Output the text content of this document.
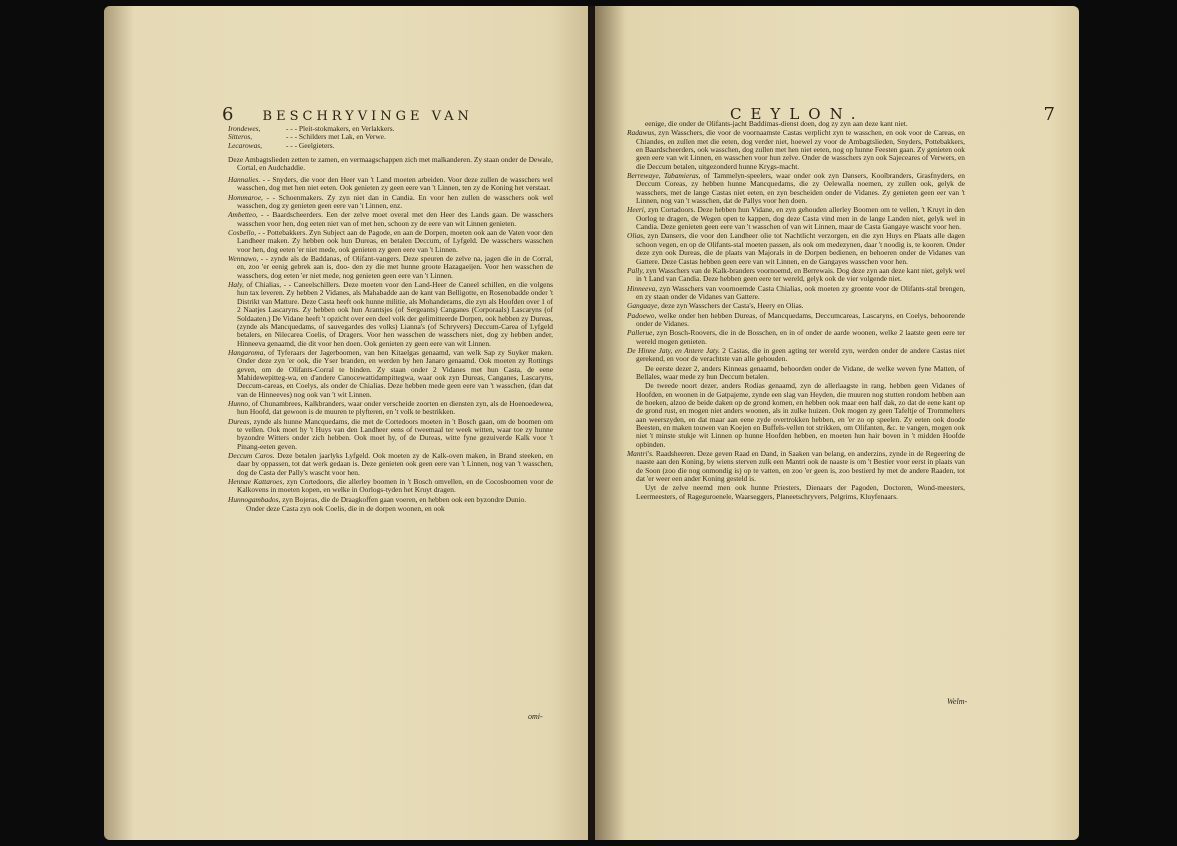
6 BESCHRYVINGE VAN
Irondewes,	- - - Pleit-stokmakers, en Verlakkers.
Sitteros,	- - - Schilders met Lak, en Verwe.
Lecarowas,	- - - Geelgieters.
Deze Ambagtslieden zetten te zamen, en vermaagschappen zich met malkanderen. Zy staan onder de Dewale, Cortal, en Audchaddie.
Hannalies. - - Snyders, die voor den Heer van 't Land moeten arbeiden. Voor deze zullen de wasschers wel wasschen, dog met hen niet eeten. Ook genieten zy geen eere van 't Linnen, ten zy de Koning het verstaat.
Hommaroe, - - Schoenmakers. Zy zyn niet dan in Candia. En voor hen zullen de wasschers ook wel wasschen, dog zy genieten geen eere van 't Linnen, enz.
Ambetteo, - - Baardscheerders. Een der zelve moet overal met den Heer des Lands gaan. De wasschers wasschen voor hen, dog eeten niet van of met hen, schoon zy de eere van wit Linnen genieten.
Cosbello, - - Pottebakkers. Zyn Subject aan de Pagode, en aan de Dorpen, moeten ook aan de Vaten voor den Landheer maken. Zy hebben ook hun Dureas, en betalen Deccum, of Lyfgeld. De wasschers wasschen voor hen, dog eeten 'er niet mede, ook genieten zy geen eere van 't Linnen.
Wennawo, - - zynde als de Baddanas, of Olifant-vangers. Deze speuren de zelve na, jagen die in de Corral, en, zoo 'er eenig gebrek aan is, doo- den zy die met hunne groote Hazagaeijen. Voor hen wasschen de wasschers, dog eeten 'er niet mede, nog genieten geen eere van 't Linnen.
Haly, of Chialias, - - Caneelschillers. Deze moeten voor den Land-Heer de Caneel schillen, en die volgens hun tax leveren. Zy hebben 2 Vidanes, als Mahabadde aan de kant van Belligotte, en Rosenobadde onder 't Distrikt van Matture. Deze Casta heeft ook hunne militie, als Mohanderams, die zyn als Hoofden over 1 of 2 Naatjes Lascaryns. Zy hebben ook hun Arantsjes (of Sergeants) Canganes (Corporaals) Lascaryns (of Soldaaten.) De Vidane heeft 't opzicht over een deel volk der gelimitteerde Dorpen, ook hebben zy Dureas, (zynde als Mancquedams, of sauvegardes des volks) Lianna's (of Schryvers) Deccum-Carea of Lyfgeld betalers, en Nilecarea Coelis, of Dragers. Voor hen wasschen de wasschers niet, dog zy hebben ander, Hinneeva genaamd, die dit voor hen doen. Ook genieten zy geen eere van wit Linnen.
Hangaroma, of Tyferaars der Jagerboomen, van hen Kitaelgas genaamd, van welk Sap zy Suyker maken. Onder deze zyn 'er ook, die Yser branden, en werden by hen Janaro genaamd. Ook moeten zy Rottings geven, om de Olifants-Corral te binden. Zy staan onder 2 Vidanes met hun Casta, de eene Mahidewepitteg-wa, en d'andere Canocewattidampittegwa, waar ook zyn Dureas, Canganes, Lascaryns, Deccum-careas, en Coelys, als onder de Chialias. Deze hebben mede geen eere van 't wasschen, (dan dat van de Hinneeves) nog ook van 't wit Linnen.
Hunno, of Chunambrees, Kalkbranders, waar onder verscheide zoorten en diensten zyn, als de Hoenoedewea, hun Hoofd, dat gewoon is de muuren te plyfteren, en 't volk te bestrikken.
Dureas, zynde als hunne Mancquedams, die met de Cortedoors moeten in 't Bosch gaan, om de boomen om te vellen. Ook moet hy 't Huys van den Landheer eens of tweemaal ter week witten, waar toe zy hunne byzondre Witters onder zich hebben. Ook moet hy, of de Dureas, witte fyne gezuiverde Kalk voor 't Pinang-eeten geven.
Deccum Caros. Deze betalen jaarlyks Lyfgeld. Ook moeten zy de Kalk-oven maken, in Brand steeken, en daar by oppassen, tot dat werk gedaan is. Deze genieten ook geen eere van 't Linnen, nog van 't wasschen, dog de Casta der Pally's wascht voor hen.
Hennae Kattaroes, zyn Cortedoors, die allerley boomen in 't Bosch omvellen, en de Cocosboomen voor de Kalkovens in moeten kopen, en welke in Oorlogs-tyden het Kruyt dragen.
Hunnogambados, zyn Bojeras, die de Draagkoffen gaan voeren, en hebben ook een byzondre Dunio.
Onder deze Casta zyn ook Coelis, die in de dorpen woonen, en ook
omi-
CEYLON.	7
eenige, die onder de Olifants-jacht Baddimas-dienst doen, dog zy zyn aan deze kant niet.
Radawus, zyn Wasschers, die voor de voornaamste Castas verplicht zyn te wasschen, en ook voor de Careas, en Chiandes, en zullen met die eeten, dog verder niet, hoewel zy voor de Ambagtslieden, Snyders, Pottebakkers, en Baardscheerders, ook wasschen, dog zullen met hen niet eeten, nog op hunne Feesten gaan. Zy genieten ook geen eere van wit Linnen, en wasschen voor hun zelve. Onder de wasschers zyn ook Sajeceares of Verwers, en die Deccum betalen, uitgezonderd hunne Krygs-macht.
Berrewaye, Tabamieras, of Tammelyn-speelers, waar onder ook zyn Dansers, Koolbranders, Grasfnyders, en Deccum Coreas, zy hebben hunne Mancquedams, die zy Oelewalla noemen, zy zullen ook, gelyk de wasschers, met de lange Castas niet eeten, en zyn bescheiden onder de Vidanes. Zy genieten geen eer van 't Linnen, nog van 't wasschen, dat de Pallys voor hen doen.
Heeri, zyn Cortadoors. Deze hebben hun Vidane, en zyn gehouden allerley Boomen om te vellen, 't Kruyt in den Oorlog te dragen, de Wegen open te kappen, dog deze Casta vind men in de lange Landen niet, gelyk wel in Candia. Deze genieten geen eere van 't wasschen of van wit Linnen, maar de Casta Gangaye wascht voor hen.
Olias, zyn Dansers, die voor den Landheer olie tot Nachtlicht verzorgen, en die zyn Huys en Plaats alle dagen schoon vegen, en op de Olifants-stal moeten passen, als ook om medezynen, daar 't noodig is, te kooren. Onder deze zyn ook Dureas, die de plaats van Majorals in de Dorpen bedienen, en behoeren onder de Vidanes van Gattere. Deze Castas hebben geen eere van wit Linnen, en de Gangayes wasschen voor hen.
Pally, zyn Wasschers van de Kalk-branders voornoemd, en Berrewais. Dog deze zyn aan deze kant niet, gelyk wel in 't Land van Candia. Deze hebben geen eere ter wereld, gelyk ook de vier volgende niet.
Hinneeva, zyn Wasschers van voornoemde Casta Chialias, ook moeten zy groente voor de Olifants-stal brengen, en zy staan onder de Vidanes van Gattere.
Gangaaye, deze zyn Wasschers der Casta's, Heery en Olias.
Padoewo, welke onder hen hebben Dureas, of Mancquedams, Deccumcareas, Lascaryns, en Coelys, behoorende onder de Vidanes.
Pallerue, zyn Bosch-Roovers, die in de Bosschen, en in of onder de aarde woonen, welke 2 laatste geen eere ter wereld mogen genieten.
De Hinne Jaty, en Antere Jaty. 2 Castas, die in geen agting ter wereld zyn, werden onder de andere Castas niet gerekend, en voor de verachtste van alle gehouden.
De eerste dezer 2, anders Kinneas genaamd, behoorden onder de Vidane, de welke weven fyne Matten, of Bellales, waar mede zy hun Deccum betalen.
De tweede noort dezer, anders Rodias genaamd, zyn de allerlaagste in rang, hebben geen Vidanes of Hoofden, en woonen in de Gatpajeme, zynde een slag van Heyden, die muuren nog stutten rondom hebben aan de hoeken, alzoo de beide daken op de grond komen, en hebben ook maar een half dak, zo dat de eene kant op de grond rust, en mogen niet anders woonen, als in zulke huizen. Ook mogen zy geen Tafeltje of Trommelters aan weerszyden, en dat maar aan eene zyde overtrokken hebben, en 'er zo op speelen. Zy eeten ook doode Beesten, en maken touwen van Koejen en Buffels-vellen tot strikken, om Olifanten, &c. te vangen, mogen ook niet 't minste stukje wit Linnen op hunne Hoofden hebben, en moeten hun hair boven in 't midden Hoofde opbinden.
Mantri's. Raadsheeren. Deze geven Raad en Dand, in Saaken van belang, en anderzins, zynde in de Regeering de naaste aan den Koning, by wiens sterven zulk een Mantri ook de naaste is om 't Bestier voor eerst in plaats van de Soon (zoo die nog onmondig is) op te vatten, en zoo 'er geen is, zoo bestierd hy met de andere Raaden, tot dat 'er weer een ander Koning gesteld is.
Uyt de zelve neemd men ook hunne Priesters, Dienaars der Pagoden, Doctoren, Wond-meesters, Leermeesters, of Rageguroenele, Waarseggers, Planeetschryvers, Pelgrims, Kluyfenaars.
Welm-
